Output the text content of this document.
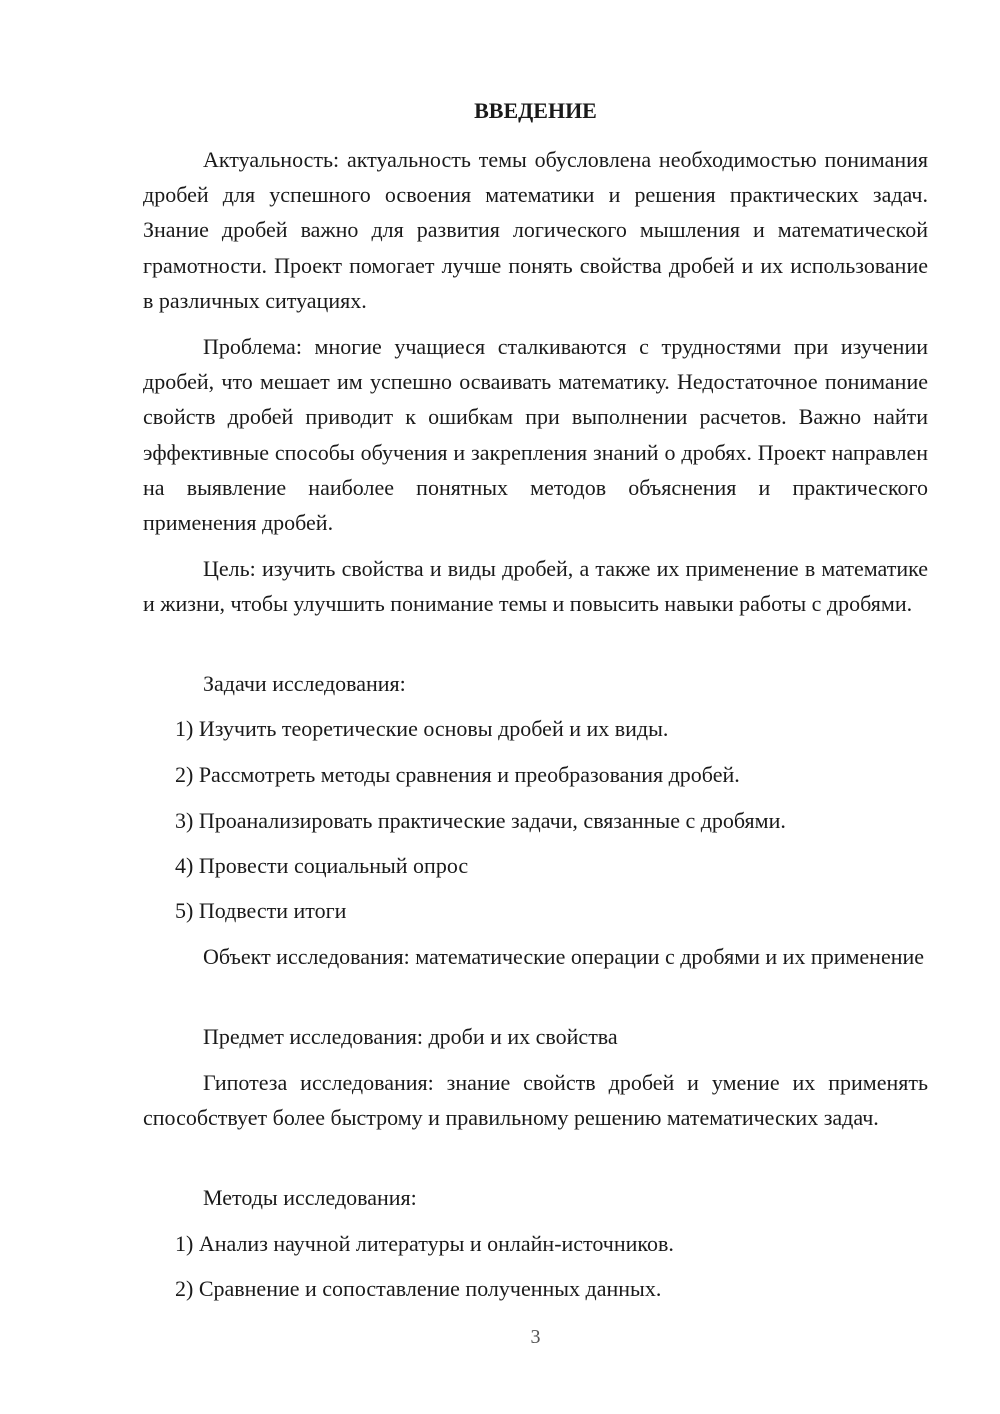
ВВЕДЕНИЕ

Актуальность: актуальность темы обусловлена необходимостью понимания дробей для успешного освоения математики и решения практических задач. Знание дробей важно для развития логического мышления и математической грамотности. Проект помогает лучше понять свойства дробей и их использование в различных ситуациях.

Проблема: многие учащиеся сталкиваются с трудностями при изучении дробей, что мешает им успешно осваивать математику. Недостаточное понимание свойств дробей приводит к ошибкам при выполнении расчетов. Важно найти эффективные способы обучения и закрепления знаний о дробях. Проект направлен на выявление наиболее понятных методов объяснения и практического применения дробей.

Цель: изучить свойства и виды дробей, а также их применение в математике и жизни, чтобы улучшить понимание темы и повысить навыки работы с дробями.

Задачи исследования:
1) Изучить теоретические основы дробей и их виды.
2) Рассмотреть методы сравнения и преобразования дробей.
3) Проанализировать практические задачи, связанные с дробями.
4) Провести социальный опрос
5) Подвести итоги

Объект исследования: математические операции с дробями и их применение

Предмет исследования: дроби и их свойства

Гипотеза исследования: знание свойств дробей и умение их применять способствует более быстрому и правильному решению математических задач.

Методы исследования:
1) Анализ научной литературы и онлайн-источников.
2) Сравнение и сопоставление полученных данных.
3
